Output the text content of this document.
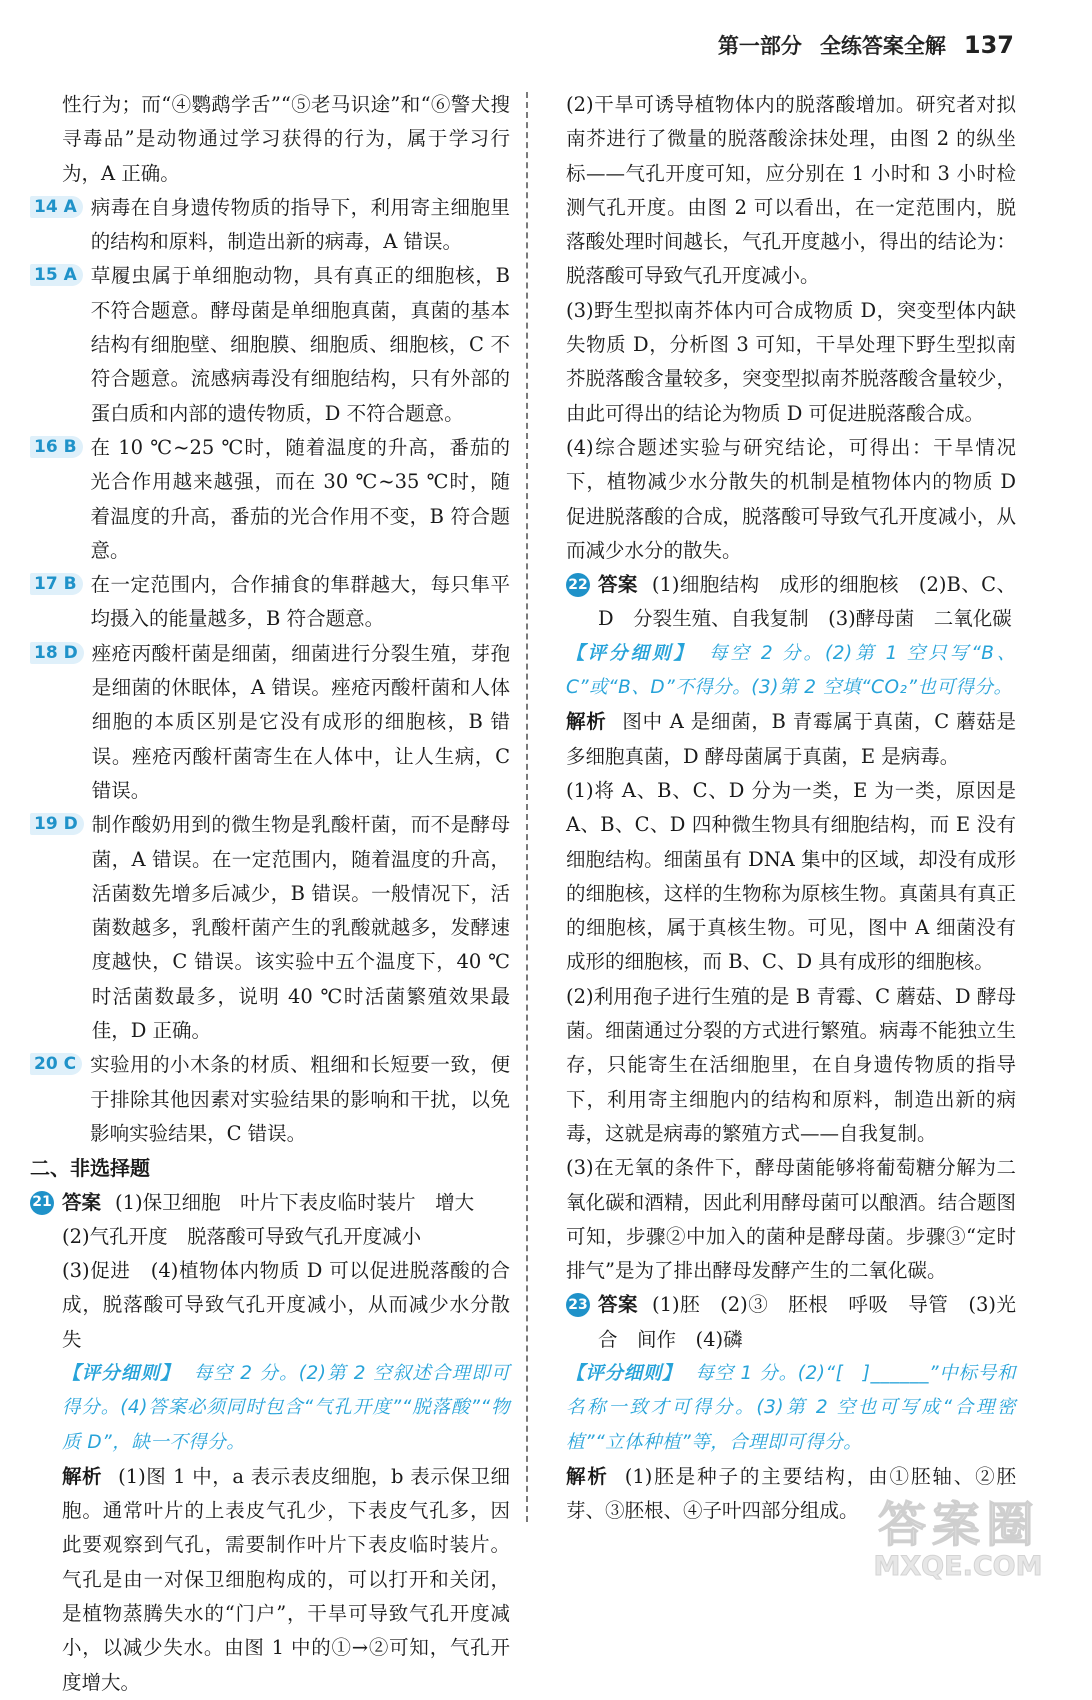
第一部分 全练答案全解 137

性行为；而“④鹦鹉学舌”“⑤老马识途”和“⑥警犬搜寻毒品”是动物通过学习获得的行为，属于学习行为，A 正确。

14 A 病毒在自身遗传物质的指导下，利用寄主细胞里的结构和原料，制造出新的病毒，A 错误。

15 A 草履虫属于单细胞动物，具有真正的细胞核，B 不符合题意。酵母菌是单细胞真菌，真菌的基本结构有细胞壁、细胞膜、细胞质、细胞核，C 不符合题意。流感病毒没有细胞结构，只有外部的蛋白质和内部的遗传物质，D 不符合题意。

16 B 在 10 ℃~25 ℃时，随着温度的升高，番茄的光合作用越来越强，而在 30 ℃~35 ℃时，随着温度的升高，番茄的光合作用不变，B 符合题意。

17 B 在一定范围内，合作捕食的隼群越大，每只隼平均摄入的能量越多，B 符合题意。

18 D 痤疮丙酸杆菌是细菌，细菌进行分裂生殖，芽孢是细菌的休眠体，A 错误。痤疮丙酸杆菌和人体细胞的本质区别是它没有成形的细胞核，B 错误。痤疮丙酸杆菌寄生在人体中，让人生病，C 错误。

19 D 制作酸奶用到的微生物是乳酸杆菌，而不是酵母菌，A 错误。在一定范围内，随着温度的升高，活菌数先增多后减少，B 错误。一般情况下，活菌数越多，乳酸杆菌产生的乳酸就越多，发酵速度越快，C 错误。该实验中五个温度下，40 ℃时活菌数最多，说明 40 ℃时活菌繁殖效果最佳，D 正确。

20 C 实验用的小木条的材质、粗细和长短要一致，便于排除其他因素对实验结果的影响和干扰，以免影响实验结果，C 错误。

二、非选择题

21 答案 (1)保卫细胞　叶片下表皮临时装片　增大

(2)气孔开度　脱落酸可导致气孔开度减小

(3)促进　(4)植物体内物质 D 可以促进脱落酸的合成，脱落酸可导致气孔开度减小，从而减少水分散失

【评分细则】 每空 2 分。(2)第 2 空叙述合理即可得分。(4)答案必须同时包含“气孔开度”“脱落酸”“物质 D”，缺一不得分。

解析 (1)图 1 中，a 表示表皮细胞，b 表示保卫细胞。通常叶片的上表皮气孔少，下表皮气孔多，因此要观察到气孔，需要制作叶片下表皮临时装片。气孔是由一对保卫细胞构成的，可以打开和关闭，是植物蒸腾失水的“门户”，干旱可导致气孔开度减小，以减少失水。由图 1 中的①→②可知，气孔开度增大。

(2)干旱可诱导植物体内的脱落酸增加。研究者对拟南芥进行了微量的脱落酸涂抹处理，由图 2 的纵坐标——气孔开度可知，应分别在 1 小时和 3 小时检测气孔开度。由图 2 可以看出，在一定范围内，脱落酸处理时间越长，气孔开度越小，得出的结论为：脱落酸可导致气孔开度减小。

(3)野生型拟南芥体内可合成物质 D，突变型体内缺失物质 D，分析图 3 可知，干旱处理下野生型拟南芥脱落酸含量较多，突变型拟南芥脱落酸含量较少，由此可得出的结论为物质 D 可促进脱落酸合成。

(4)综合题述实验与研究结论，可得出：干旱情况下，植物减少水分散失的机制是植物体内的物质 D 促进脱落酸的合成，脱落酸可导致气孔开度减小，从而减少水分的散失。

22 答案 (1)细胞结构　成形的细胞核　(2)B、C、D　分裂生殖、自我复制　(3)酵母菌　二氧化碳

【评分细则】 每空 2 分。(2)第 1 空只写“B、C”或“B、D”不得分。(3)第 2 空填“CO₂”也可得分。

解析 图中 A 是细菌，B 青霉属于真菌，C 蘑菇是多细胞真菌，D 酵母菌属于真菌，E 是病毒。

(1)将 A、B、C、D 分为一类，E 为一类，原因是 A、B、C、D 四种微生物具有细胞结构，而 E 没有细胞结构。细菌虽有 DNA 集中的区域，却没有成形的细胞核，这样的生物称为原核生物。真菌具有真正的细胞核，属于真核生物。可见，图中 A 细菌没有成形的细胞核，而 B、C、D 具有成形的细胞核。

(2)利用孢子进行生殖的是 B 青霉、C 蘑菇、D 酵母菌。细菌通过分裂的方式进行繁殖。病毒不能独立生存，只能寄生在活细胞里，在自身遗传物质的指导下，利用寄主细胞内的结构和原料，制造出新的病毒，这就是病毒的繁殖方式——自我复制。

(3)在无氧的条件下，酵母菌能够将葡萄糖分解为二氧化碳和酒精，因此利用酵母菌可以酿酒。结合题图可知，步骤②中加入的菌种是酵母菌。步骤③“定时排气”是为了排出酵母发酵产生的二氧化碳。

23 答案 (1)胚　(2)③　胚根　呼吸　导管　(3)光合　间作　(4)磷

【评分细则】 每空 1 分。(2)“[　]______”中标号和名称一致才可得分。(3)第 2 空也可写成“合理密植”“立体种植”等，合理即可得分。

解析 (1)胚是种子的主要结构，由①胚轴、②胚芽、③胚根、④子叶四部分组成。 答案圈
MXQE.COM
